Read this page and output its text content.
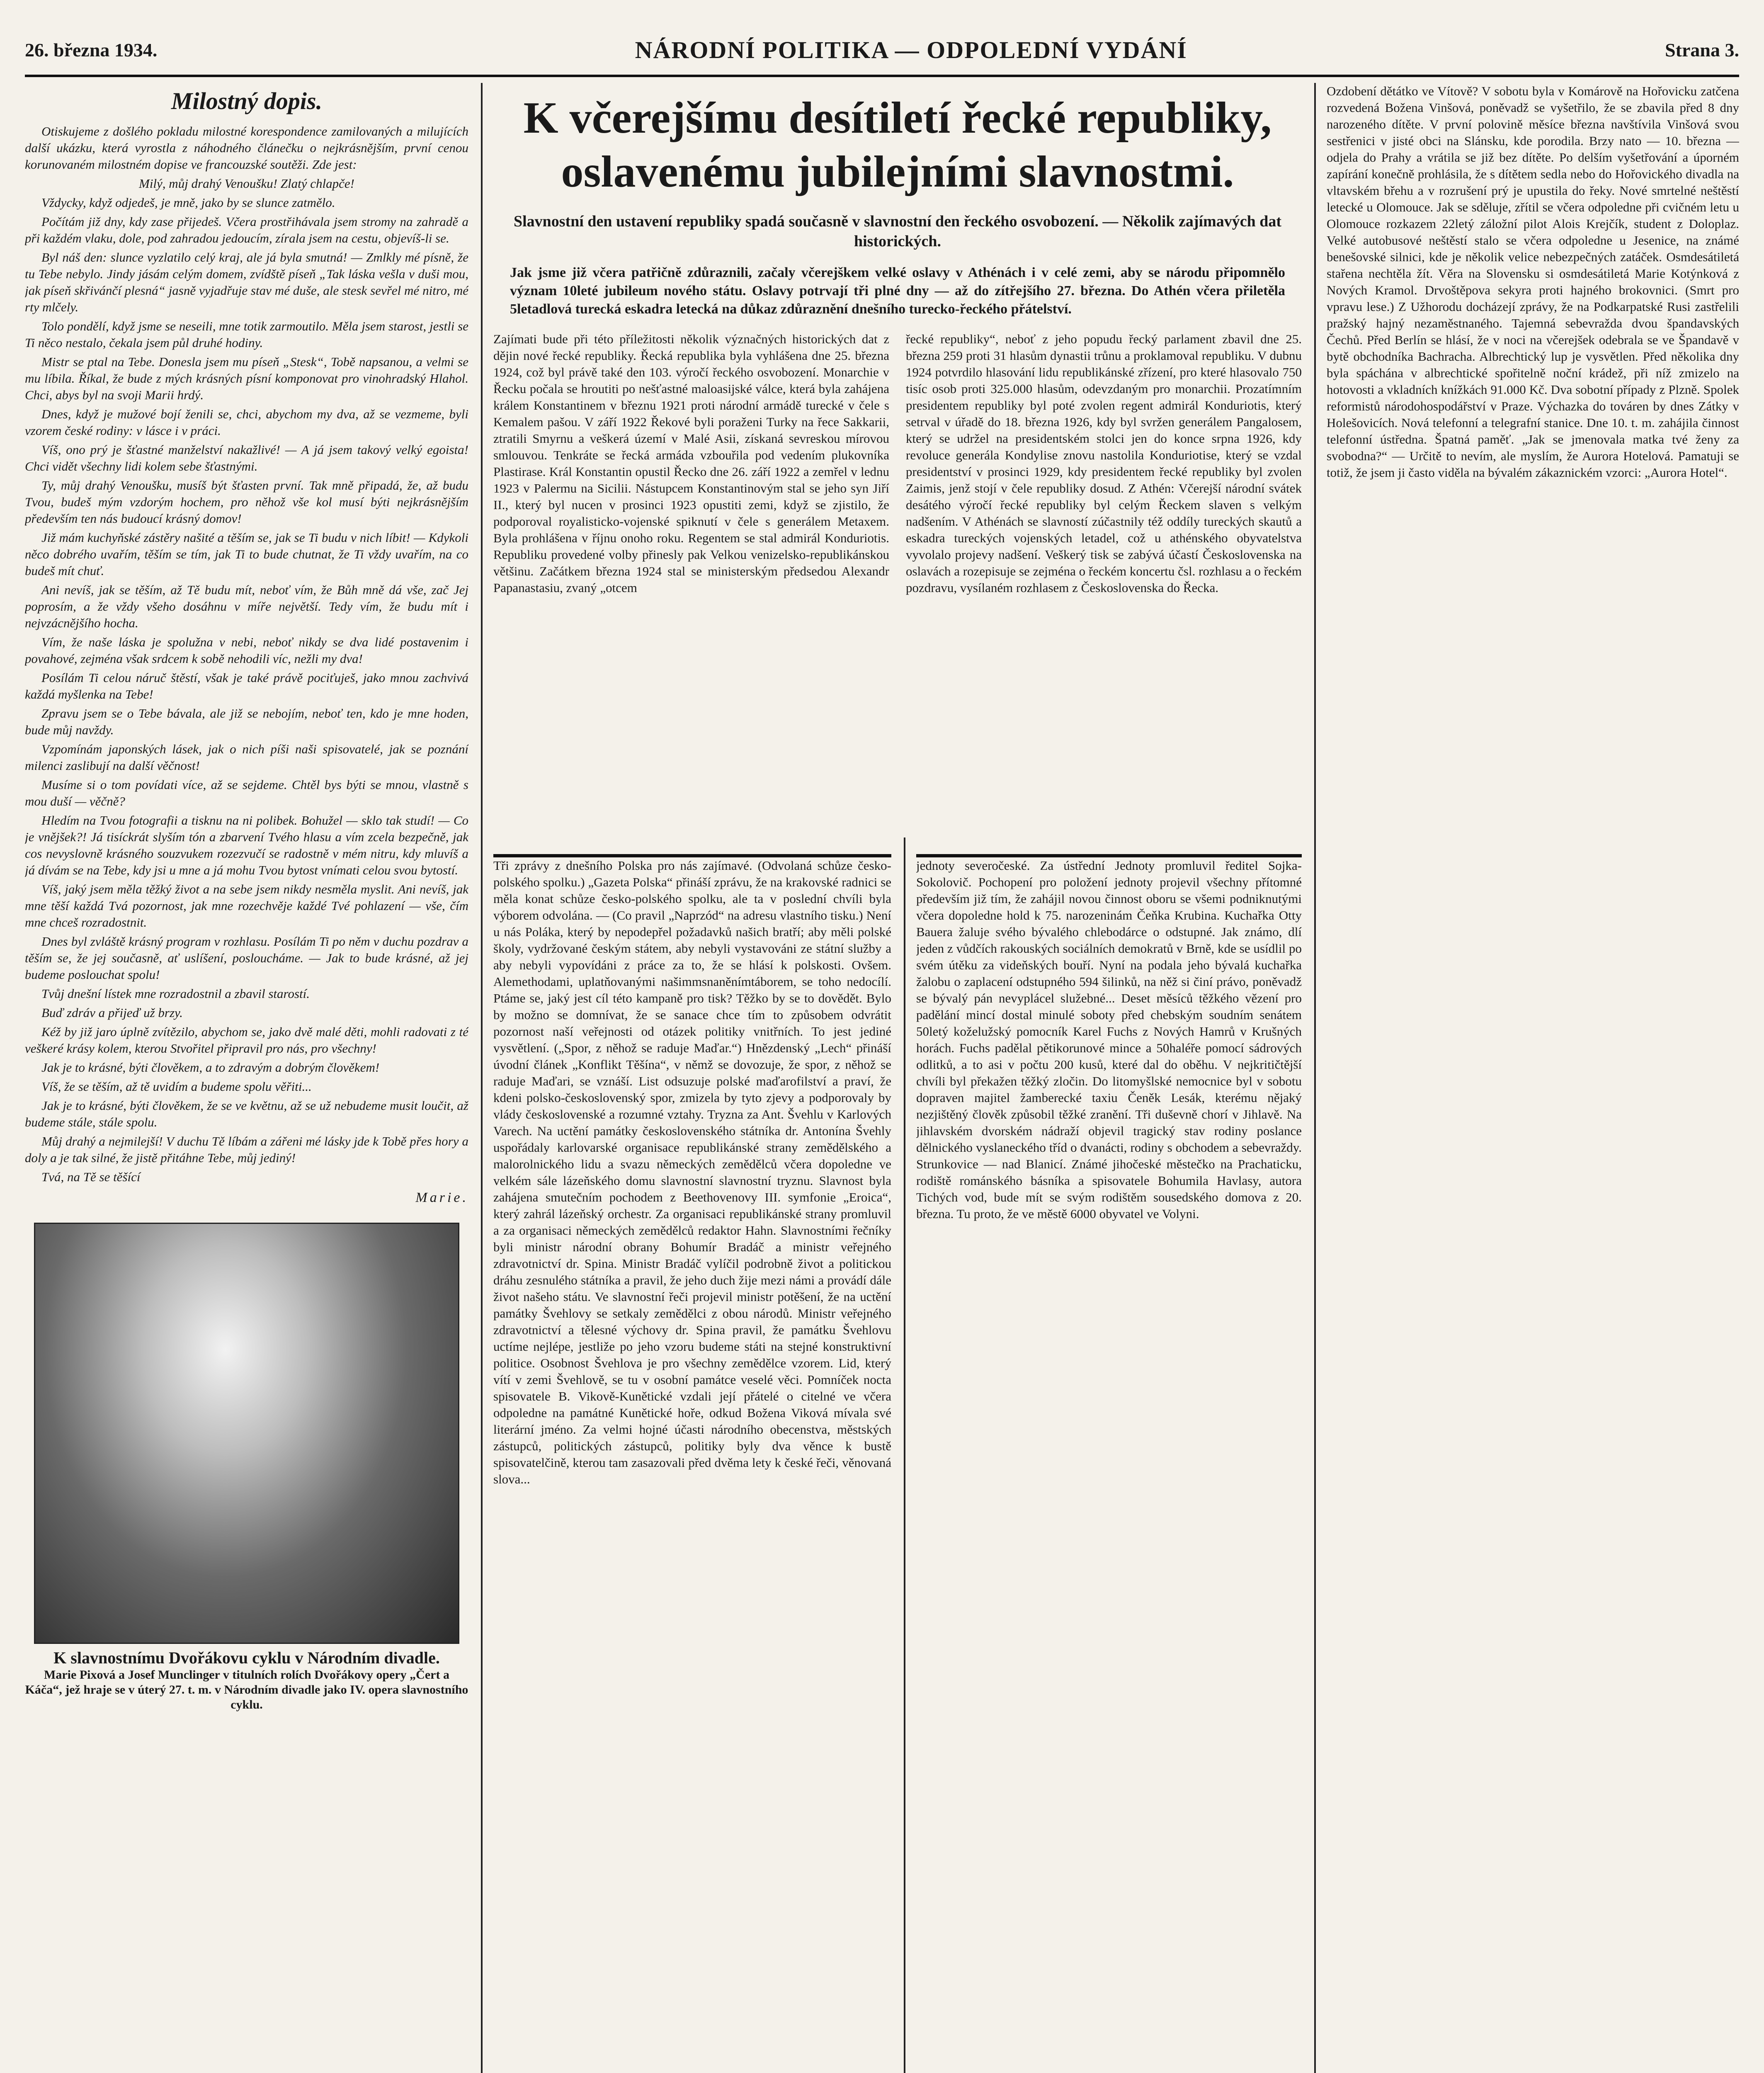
26. března 1934.	NÁRODNÍ POLITIKA — ODPOLEDNÍ VYDÁNÍ	Strana 3.
Milostný dopis.

Otiskujeme z došlého pokladu milostné korespondence zamilovaných a milujících další ukázku, která vyrostla z náhodného článečku o nejkrásnějším, první cenou korunovaném milostném dopise ve francouzské soutěži. Zde jest:

Milý, můj drahý Venoušku! Zlatý chlapče!

Vždycky, když odjedeš, je mně, jako by se slunce zatmělo.

Počítám již dny, kdy zase přijedeš. Včera prostřihávala jsem stromy na zahradě a při každém vlaku, dole, pod zahradou jedoucím, zírala jsem na cestu, objevíš-li se.

Byl náš den: slunce vyzlatilo celý kraj, ale já byla smutná! — Zmlkly mé písně, že tu Tebe nebylo. Jindy jásám celým domem, zvídště píseň „Tak láska vešla v duši mou, jak píseň skřivánčí plesná“ jasně vyjadřuje stav mé duše, ale stesk sevřel mé nitro, mé rty mlčely.

Tolo pondělí, když jsme se neseili, mne totik zarmoutilo. Měla jsem starost, jestli se Ti něco nestalo, čekala jsem půl druhé hodiny.

Mistr se ptal na Tebe. Donesla jsem mu píseň „Stesk“, Tobě napsanou, a velmi se mu líbila. Říkal, že bude z mých krásných písní komponovat pro vinohradský Hlahol. Chci, abys byl na svoji Marii hrdý.

Dnes, když je mužové bojí ženili se, chci, abychom my dva, až se vezmeme, byli vzorem české rodiny: v lásce i v práci.

Víš, ono prý je šťastné manželství nakažlivé! — A já jsem takový velký egoista! Chci vidět všechny lidi kolem sebe šťastnými.

Ty, můj drahý Venoušku, musíš být šťasten první. Tak mně připadá, že, až budu Tvou, budeš mým vzdorým hochem, pro něhož vše kol musí býti nejkrásnějším především ten nás budoucí krásný domov!

Již mám kuchyňské zástěry našité a těším se, jak se Ti budu v nich líbit! — Kdykoli něco dobrého uvařím, těším se tím, jak Ti to bude chutnat, že Ti vždy uvařím, na co budeš mít chuť.

Ani nevíš, jak se těším, až Tě budu mít, neboť vím, že Bůh mně dá vše, zač Jej poprosím, a že vždy všeho dosáhnu v míře největší. Tedy vím, že budu mít i nejvzácnějšího hocha.

Vím, že naše láska je spolužna v nebi, neboť nikdy se dva lidé postavenim i povahové, zejména však srdcem k sobě nehodili víc, nežli my dva!

Posílám Ti celou náruč štěstí, však je také právě pociťuješ, jako mnou zachvivá každá myšlenka na Tebe!

Zpravu jsem se o Tebe bávala, ale již se nebojím, neboť ten, kdo je mne hoden, bude můj navždy.

Vzpomínám japonských lásek, jak o nich píši naši spisovatelé, jak se poznání milenci zaslibují na další věčnost!

Musíme si o tom povídati více, až se sejdeme. Chtěl bys býti se mnou, vlastně s mou duší — věčně?

Hledím na Tvou fotografii a tisknu na ni polibek. Bohužel — sklo tak studí! — Co je vnějšek?! Já tisíckrát slyším tón a zbarvení Tvého hlasu a vím zcela bezpečně, jak cos nevyslovně krásného souzvukem rozezvučí se radostně v mém nitru, kdy mluvíš a já dívám se na Tebe, kdy jsi u mne a já mohu Tvou bytost vnímati celou svou bytostí.

Víš, jaký jsem měla těžký život a na sebe jsem nikdy nesměla myslit. Ani nevíš, jak mne těší každá Tvá pozornost, jak mne rozechvěje každé Tvé pohlazení — vše, čím mne chceš rozradostnit.

Dnes byl zvláště krásný program v rozhlasu. Posílám Ti po něm v duchu pozdrav a těším se, že jej současně, ať uslíšení, posloucháme. — Jak to bude krásné, až jej budeme poslouchat spolu!

Tvůj dnešní lístek mne rozradostnil a zbavil starostí.

Buď zdráv a přijeď už brzy.

Kéž by již jaro úplně zvítězilo, abychom se, jako dvě malé děti, mohli radovati z té veškeré krásy kolem, kterou Stvořitel připravil pro nás, pro všechny!

Jak je to krásné, býti člověkem, a to zdravým a dobrým člověkem!

Víš, že se těším, až tě uvidím a budeme spolu věřiti...

Jak je to krásné, býti člověkem, že se ve květnu, až se už nebudeme musit loučit, až budeme stále, stále spolu.

Můj drahý a nejmilejší! V duchu Tě líbám a zářeni mé lásky jde k Tobě přes hory a doly a je tak silné, že jistě přitáhne Tebe, můj jediný!

Tvá, na Tě se těšící

Marie.
K slavnostnímu Dvořákovu cyklu v Národním divadle.
Marie Pixová a Josef Munclinger v titulních rolích Dvořákovy opery „Čert a Káča“, jež hraje se v úterý 27. t. m. v Národním divadle jako IV. opera slavnostního cyklu.
K včerejšímu desítiletí řecké republiky, oslavenému jubilejními slavnostmi.
Slavnostní den ustavení republiky spadá současně v slavnostní den řeckého osvobození. — Několik zajímavých dat historických.
Jak jsme již včera patřičně zdůraznili, začaly včerejškem velké oslavy v Athénách i v celé zemi, aby se národu připomnělo význam 10leté jubileum nového státu. Oslavy potrvají tři plné dny — až do zítřejšího 27. března. Do Athén včera přiletěla 5letadlová turecká eskadra letecká na důkaz zdůraznění dnešního turecko-řeckého přátelství.
Zajímati bude při této příležitosti několik význačných historických dat z dějin nové řecké republiky. Řecká republika byla vyhlášena dne 25. března 1924, což byl právě také den 103. výročí řeckého osvobození. Monarchie v Řecku počala se hroutiti po nešťastné maloasijské válce, která byla zahájena králem Konstantinem v březnu 1921 proti národní armádě turecké v čele s Kemalem pašou. V září 1922 Řekové byli poraženi Turky na řece Sakkarii, ztratili Smyrnu a veškerá území v Malé Asii, získaná sevreskou mírovou smlouvou. Tenkráte se řecká armáda vzbouřila pod vedením plukovníka Plastirase. Král Konstantin opustil Řecko dne 26. září 1922 a zemřel v lednu 1923 v Palermu na Sicilii. Nástupcem Konstantinovým stal se jeho syn Jiří II., který byl nucen v prosinci 1923 opustiti zemi, když se zjistilo, že podporoval royalisticko-vojenské spiknutí v čele s generálem Metaxem. Byla prohlášena v říjnu onoho roku. Regentem se stal admirál Konduriotis. Republiku provedené volby přinesly pak Velkou venizelsko-republikánskou většinu. Začátkem března 1924 stal se ministerským předsedou Alexandr Papanastasiu, zvaný „otcem
řecké republiky“, neboť z jeho popudu řecký parlament zbavil dne 25. března 259 proti 31 hlasům dynastii trůnu a proklamoval republiku. V dubnu 1924 potvrdilo hlasování lidu republikánské zřízení, pro které hlasovalo 750 tisíc osob proti 325.000 hlasům, odevzdaným pro monarchii. Prozatímním presidentem republiky byl poté zvolen regent admirál Konduriotis, který setrval v úřadě do 18. března 1926, kdy byl svržen generálem Pangalosem, který se udržel na presidentském stolci jen do konce srpna 1926, kdy revoluce generála Kondylise znovu nastolila Konduriotise, který se vzdal presidentství v prosinci 1929, kdy presidentem řecké republiky byl zvolen Zaimis, jenž stojí v čele republiky dosud. Z Athén: Včerejší národní svátek desátého výročí řecké republiky byl celým Řeckem slaven s velkým nadšením. V Athénách se slavností zúčastnily též oddíly tureckých skautů a eskadra tureckých vojenských letadel, což u athénského obyvatelstva vyvolalo projevy nadšení. Veškerý tisk se zabývá účastí Československa na oslavách a rozepisuje se zejména o řeckém koncertu čsl. rozhlasu a o řeckém pozdravu, vysílaném rozhlasem z Československa do Řecka.
Tři zprávy z dnešního Polska pro nás zajímavé. (Odvolaná schůze česko-polského spolku.) „Gazeta Polska“ přináší zprávu, že na krakovské radnici se měla konat schůze česko-polského spolku, ale ta v poslední chvíli byla výborem odvolána. — (Co pravil „Naprzód“ na adresu vlastního tisku.) Není u nás Poláka, který by nepodepřel požadavků našich bratří; aby měli polské školy, vydržované českým státem, aby nebyli vystavováni ze státní služby a aby nebyli vypovídáni z práce za to, že se hlásí k polskosti. Ovšem. Alemethodami, uplatňovanými našimmsnaněnímtáborem, se toho nedocílí. Ptáme se, jaký jest cíl této kampaně pro tisk? Těžko by se to dovědět. Bylo by možno se domnívat, že se sanace chce tím to způsobem odvrátit pozornost naší veřejnosti od otázek politiky vnitřních. To jest jediné vysvětlení. („Spor, z něhož se raduje Maďar.“) Hnězdenský „Lech“ přináší úvodní článek „Konflikt Těšína“, v němž se dovozuje, že spor, z něhož se raduje Maďari, se vznáší. List odsuzuje polské maďarofilství a praví, že kdeni polsko-československý spor, zmizela by tyto zjevy a podporovaly by vlády československé a rozumné vztahy. Tryzna za Ant. Švehlu v Karlových Varech. Na uctění památky československého státníka dr. Antonína Švehly uspořádaly karlovarské organisace republikánské strany zemědělského a malorolnického lidu a svazu německých zemědělců včera dopoledne ve velkém sále lázeňského domu slavnostní slavnostní tryznu. Slavnost byla zahájena smutečním pochodem z Beethovenovy III. symfonie „Eroica“, který zahrál lázeňský orchestr. Za organisaci republikánské strany promluvil a za organisaci německých zemědělců redaktor Hahn. Slavnostními řečníky byli ministr národní obrany Bohumír Bradáč a ministr veřejného zdravotnictví dr. Spina. Ministr Bradáč vylíčil podrobně život a politickou dráhu zesnulého státníka a pravil, že jeho duch žije mezi námi a provádí dále život našeho státu. Ve slavnostní řeči projevil ministr potěšení, že na uctění památky Švehlovy se setkaly zemědělci z obou národů. Ministr veřejného zdravotnictví a tělesné výchovy dr. Spina pravil, že památku Švehlovu uctíme nejlépe, jestliže po jeho vzoru budeme státi na stejné konstruktivní politice. Osobnost Švehlova je pro všechny zemědělce vzorem. Lid, který vítí v zemi Švehlově, se tu v osobní památce veselé věci. Pomníček nocta spisovatele B. Vikově-Kunětické vzdali její přátelé o citelné ve včera odpoledne na památné Kunětické hoře, odkud Božena Viková mívala své literární jméno. Za velmi hojné účasti národního obecenstva, městských zástupců, politických zástupců, politiky byly dva věnce k bustě spisovatelčině, kterou tam zasazovali před dvěma lety k české řeči, věnovaná slova...
jednoty severočeské. Za ústřední Jednoty promluvil ředitel Sojka-Sokolovič. Pochopení pro položení jednoty projevil všechny přítomné především již tím, že zahájil novou činnost oboru se všemi podniknutými včera dopoledne hold k 75. narozeninám Čeňka Krubina. Kuchařka Otty Bauera žaluje svého bývalého chlebodárce o odstupné. Jak známo, dlí jeden z vůdčích rakouských sociálních demokratů v Brně, kde se usídlil po svém útěku za videňských bouří. Nyní na podala jeho bývalá kuchařka žalobu o zaplacení odstupného 594 šilinků, na něž si činí právo, poněvadž se bývalý pán nevyplácel služebné... Deset měsíců těžkého vězení pro padělání mincí dostal minulé soboty před chebským soudním senátem 50letý koželužský pomocník Karel Fuchs z Nových Hamrů v Krušných horách. Fuchs padělal pětikorunové mince a 50haléře pomocí sádrových odlitků, a to asi v počtu 200 kusů, které dal do oběhu. V nejkritičtější chvíli byl překažen těžký zločin. Do litomyšlské nemocnice byl v sobotu dopraven majitel žamberecké taxiu Čeněk Lesák, kterému nějaký nezjištěný člověk způsobil těžké zranění. Tři duševně chorí v Jihlavě. Na jihlavském dvorském nádraží objevil tragický stav rodiny poslance dělnického vyslaneckého tříd o dvanácti, rodiny s obchodem a sebevraždy. Strunkovice — nad Blanicí. Známé jihočeské městečko na Prachaticku, rodiště románského básníka a spisovatele Bohumila Havlasy, autora Tichých vod, bude mít se svým rodištěm sousedského domova z 20. března. Tu proto, že ve městě 6000 obyvatel ve Volyni.
Ozdobení dětátko ve Vítově? V sobotu byla v Komárově na Hořovicku zatčena rozvedená Božena Vinšová, poněvadž se vyšetřilo, že se zbavila před 8 dny narozeného dítěte. V první polovině měsíce března navštívila Vinšová svou sestřenici v jisté obci na Slánsku, kde porodila. Brzy nato — 10. března — odjela do Prahy a vrátila se již bez dítěte. Po delším vyšetřování a úporném zapírání konečně prohlásila, že s dítětem sedla nebo do Hořovického divadla na vltavském břehu a v rozrušení prý je upustila do řeky. Nové smrtelné neštěstí letecké u Olomouce. Jak se sděluje, zřítil se včera odpoledne při cvičném letu u Olomouce rozkazem 22letý záložní pilot Alois Krejčík, student z Doloplaz. Velké autobusové neštěstí stalo se včera odpoledne u Jesenice, na známé benešovské silnici, kde je několik velice nebezpečných zatáček. Osmdesátiletá stařena nechtěla žít. Věra na Slovensku si osmdesátiletá Marie Kotýnková z Nových Kramol. Drvoštěpova sekyra proti hajného brokovnici. (Smrt pro vpravu lese.) Z Užhorodu docházejí zprávy, že na Podkarpatské Rusi zastřelili pražský hajný nezaměstnaného. Tajemná sebevražda dvou špandavských Čechů. Před Berlín se hlásí, že v noci na včerejšek odebrala se ve Špandavě v bytě obchodníka Bachracha. Albrechtický lup je vysvětlen. Před několika dny byla spáchána v albrechtické spořitelně noční krádež, při níž zmizelo na hotovosti a vkladních knížkách 91.000 Kč. Dva sobotní případy z Plzně. Spolek reformistů národohospodářství v Praze. Výchazka do továren by dnes Zátky v Holešovicích. Nová telefonní a telegrafní stanice. Dne 10. t. m. zahájila činnost telefonní ústředna. Špatná paměť. „Jak se jmenovala matka tvé ženy za svobodna?“ — Určitě to nevím, ale myslím, že Aurora Hotelová. Pamatuji se totiž, že jsem ji často viděla na bývalém zákaznickém vzorci: „Aurora Hotel“.
